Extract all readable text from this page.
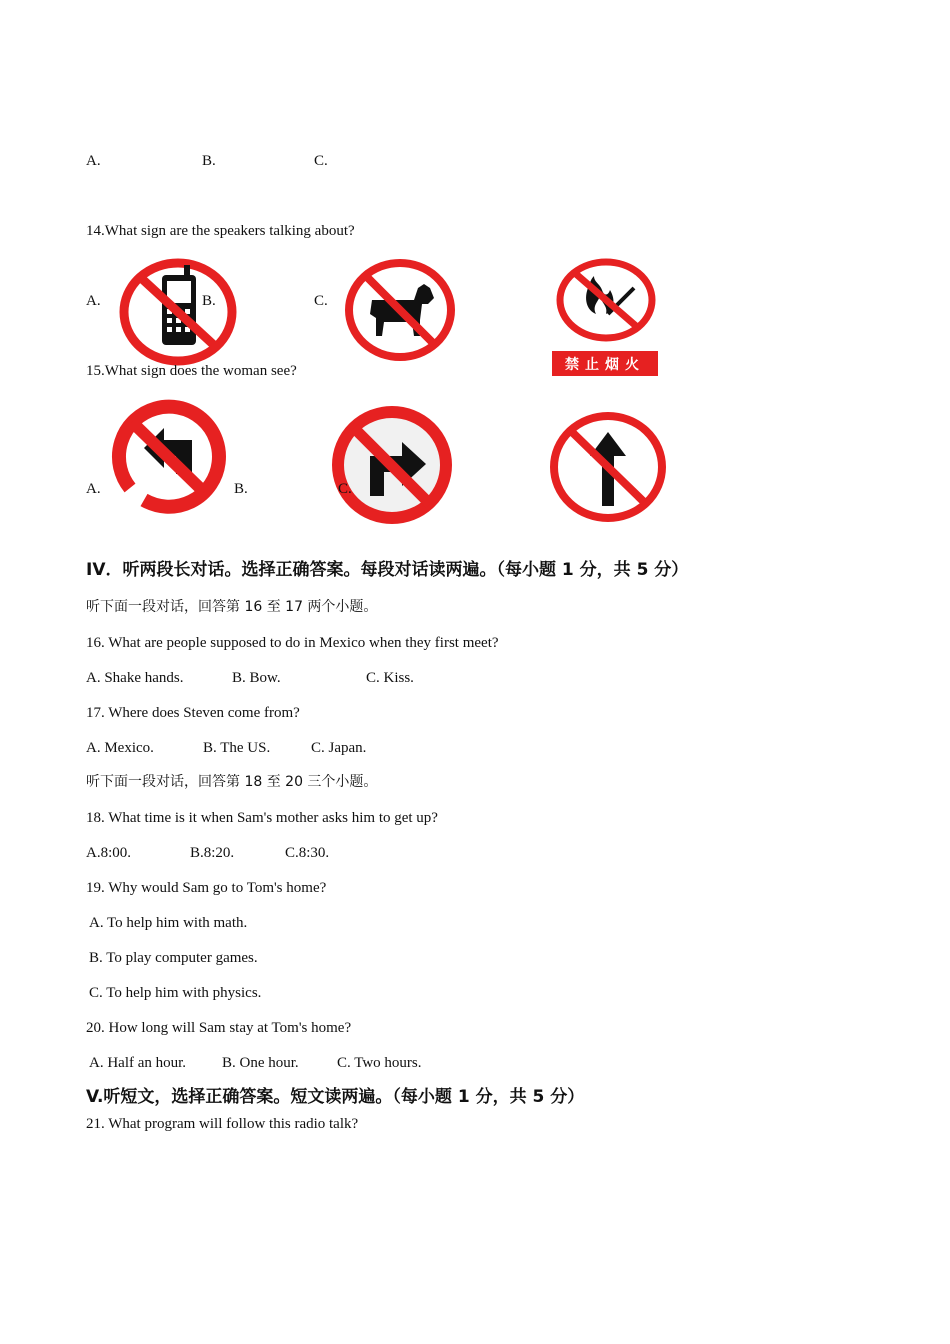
A.	B.	C.
14.What sign are the speakers talking about?
A.	B.	C.
禁止烟火
15.What sign does the woman see?
A.	B.	C.
IV．听两段长对话。选择正确答案。每段对话读两遍。（每小题 1 分，共 5 分）
听下面一段对话，回答第 16 至 17 两个小题。
16. What are people supposed to do in Mexico when they first meet?
A. Shake hands.	B. Bow.	C. Kiss.
17. Where does Steven come from?
A. Mexico.	B. The US.	C. Japan.
听下面一段对话，回答第 18 至 20 三个小题。
18. What time is it when Sam's mother asks him to get up?
A.8:00.	B.8:20.	C.8:30.
19. Why would Sam go to Tom's home?
A. To help him with math.
B. To play computer games.
C. To help him with physics.
20. How long will Sam stay at Tom's home?
A. Half an hour. B. One hour.	C. Two hours.
V.听短文，选择正确答案。短文读两遍。（每小题 1 分，共 5 分）
21. What program will follow this radio talk?
